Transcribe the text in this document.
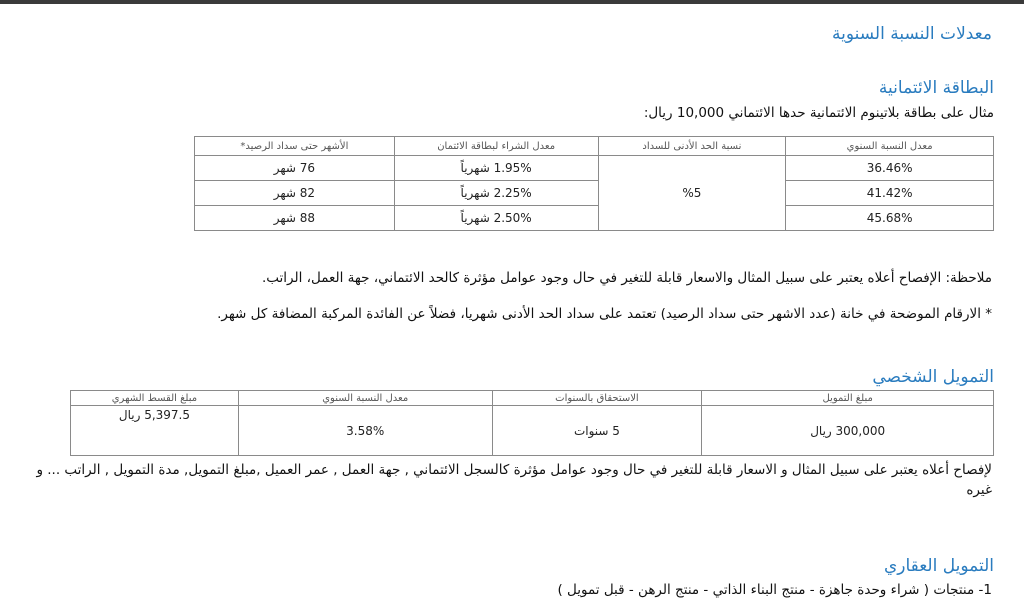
معدلات النسبة السنوية
البطاقة الائتمانية
مثال على بطاقة بلاتينوم الائتمانية حدها الائتماني 10,000 ريال:
معدل النسبة السنوي	نسبة الحد الأدنى للسداد	معدل الشراء لبطاقة الائتمان	الأشهر حتى سداد الرصيد*
36.46%	%5	1.95% شهرياً	76 شهر
41.42%		2.25% شهرياً	82 شهر
45.68%		2.50% شهرياً	88 شهر
ملاحظة: الإفصاح أعلاه يعتبر على سبيل المثال والاسعار قابلة للتغير في حال وجود عوامل مؤثرة كالحد الائتماني، جهة العمل، الراتب.
* الارقام الموضحة في خانة (عدد الاشهر حتى سداد الرصيد) تعتمد على سداد الحد الأدنى شهريا، فضلاً عن الفائدة المركبة المضافة كل شهر.
التمويل الشخصي
مبلغ التمويل	الاستحقاق بالسنوات	معدل النسبة السنوي	مبلغ القسط الشهري
300,000 ريال	5 سنوات	3.58%	5,397.5 ريال
لإفصاح أعلاه يعتبر على سبيل المثال و الاسعار قابلة للتغير في حال وجود عوامل مؤثرة كالسجل الائتماني , جهة العمل , عمر العميل ,مبلغ التمويل, مدة التمويل , الراتب ... و غيره
التمويل العقاري
1- منتجات ( شراء وحدة جاهزة - منتج البناء الذاتي - منتج الرهن - قبل تمويل )
